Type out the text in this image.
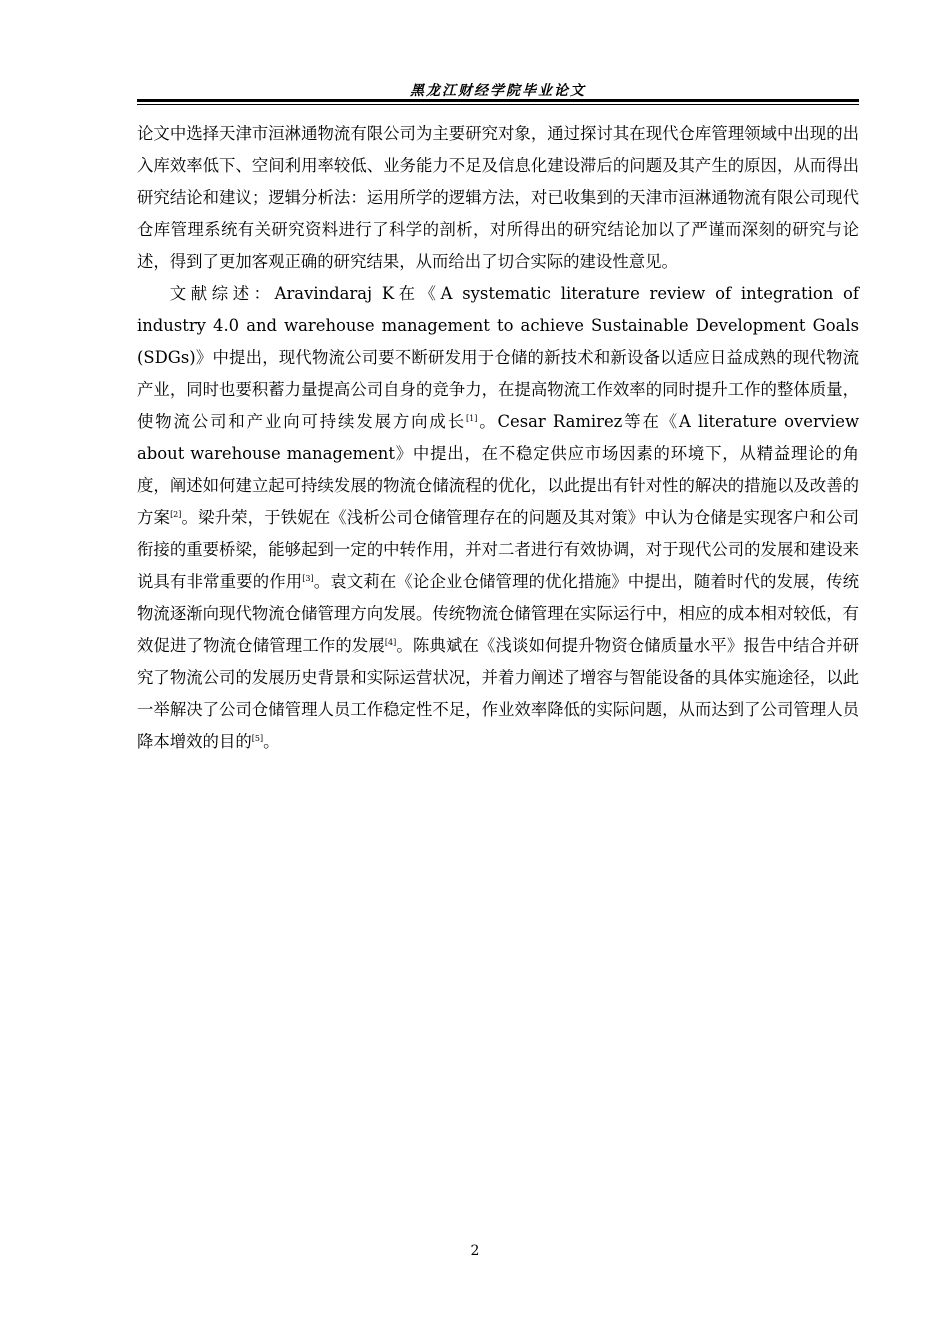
黑龙江财经学院毕业论文

论文中选择天津市洹淋通物流有限公司为主要研究对象，通过探讨其在现代仓库管理领域中出现的出入库效率低下、空间利用率较低、业务能力不足及信息化建设滞后的问题及其产生的原因，从而得出研究结论和建议；逻辑分析法：运用所学的逻辑方法，对已收集到的天津市洹淋通物流有限公司现代仓库管理系统有关研究资料进行了科学的剖析，对所得出的研究结论加以了严谨而深刻的研究与论述，得到了更加客观正确的研究结果，从而给出了切合实际的建设性意见。

文献综述：Aravindaraj K在《A systematic literature review of integration of industry 4.0 and warehouse management to achieve Sustainable Development Goals (SDGs)》中提出，现代物流公司要不断研发用于仓储的新技术和新设备以适应日益成熟的现代物流产业，同时也要积蓄力量提高公司自身的竞争力，在提高物流工作效率的同时提升工作的整体质量，使物流公司和产业向可持续发展方向成长[1]。Cesar Ramirez等在《A literature overview about warehouse management》中提出，在不稳定供应市场因素的环境下，从精益理论的角度，阐述如何建立起可持续发展的物流仓储流程的优化，以此提出有针对性的解决的措施以及改善的方案[2]。梁升荣，于铁妮在《浅析公司仓储管理存在的问题及其对策》中认为仓储是实现客户和公司衔接的重要桥梁，能够起到一定的中转作用，并对二者进行有效协调，对于现代公司的发展和建设来说具有非常重要的作用[3]。袁文莉在《论企业仓储管理的优化措施》中提出，随着时代的发展，传统物流逐渐向现代物流仓储管理方向发展。传统物流仓储管理在实际运行中，相应的成本相对较低，有效促进了物流仓储管理工作的发展[4]。陈典斌在《浅谈如何提升物资仓储质量水平》报告中结合并研究了物流公司的发展历史背景和实际运营状况，并着力阐述了增容与智能设备的具体实施途径，以此一举解决了公司仓储管理人员工作稳定性不足，作业效率降低的实际问题，从而达到了公司管理人员降本增效的目的[5]。

2
